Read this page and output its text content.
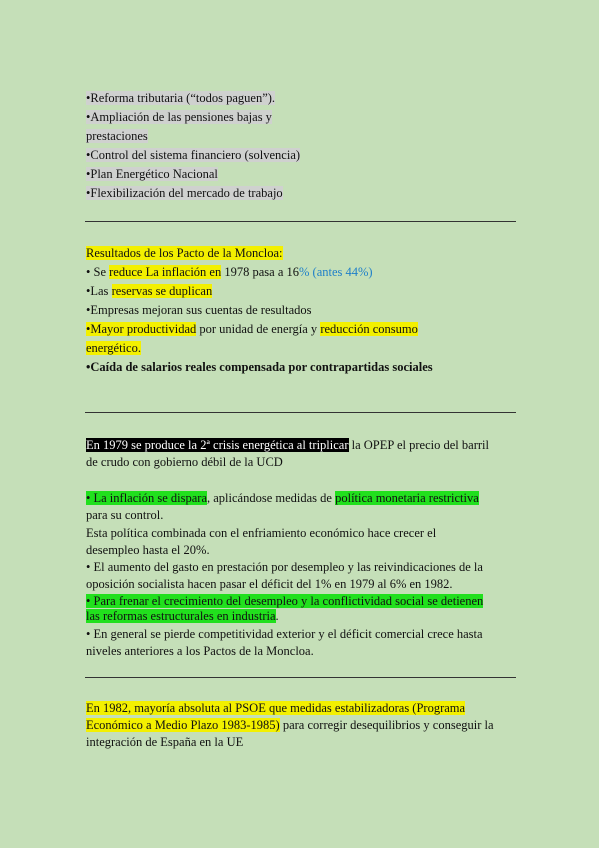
•Reforma tributaria (“todos paguen”).
•Ampliación de las pensiones bajas y
prestaciones
•Control del sistema financiero (solvencia)
•Plan Energético Nacional
•Flexibilización del mercado de trabajo
Resultados de los Pacto de la Moncloa:
• Se reduce La inflación en 1978 pasa a 16% (antes 44%)
•Las reservas se duplican
•Empresas mejoran sus cuentas de resultados
•Mayor productividad por unidad de energía y reducción consumo
energético.
•Caída de salarios reales compensada por contrapartidas sociales
En 1979 se produce la 2ª crisis energética al triplicar la OPEP el precio del barril
de crudo con gobierno débil de la UCD
• La inflación se dispara, aplicándose medidas de política monetaria restrictiva
para su control.
Esta política combinada con el enfriamiento económico hace crecer el
desempleo hasta el 20%.
• El aumento del gasto en prestación por desempleo y las reivindicaciones de la
oposición socialista hacen pasar el déficit del 1% en 1979 al 6% en 1982.
• Para frenar el crecimiento del desempleo y la conflictividad social se detienen
las reformas estructurales en industria.
• En general se pierde competitividad exterior y el déficit comercial crece hasta
niveles anteriores a los Pactos de la Moncloa.
En 1982, mayoría absoluta al PSOE que medidas estabilizadoras (Programa
Económico a Medio Plazo 1983-1985) para corregir desequilibrios y conseguir la
integración de España en la UE
